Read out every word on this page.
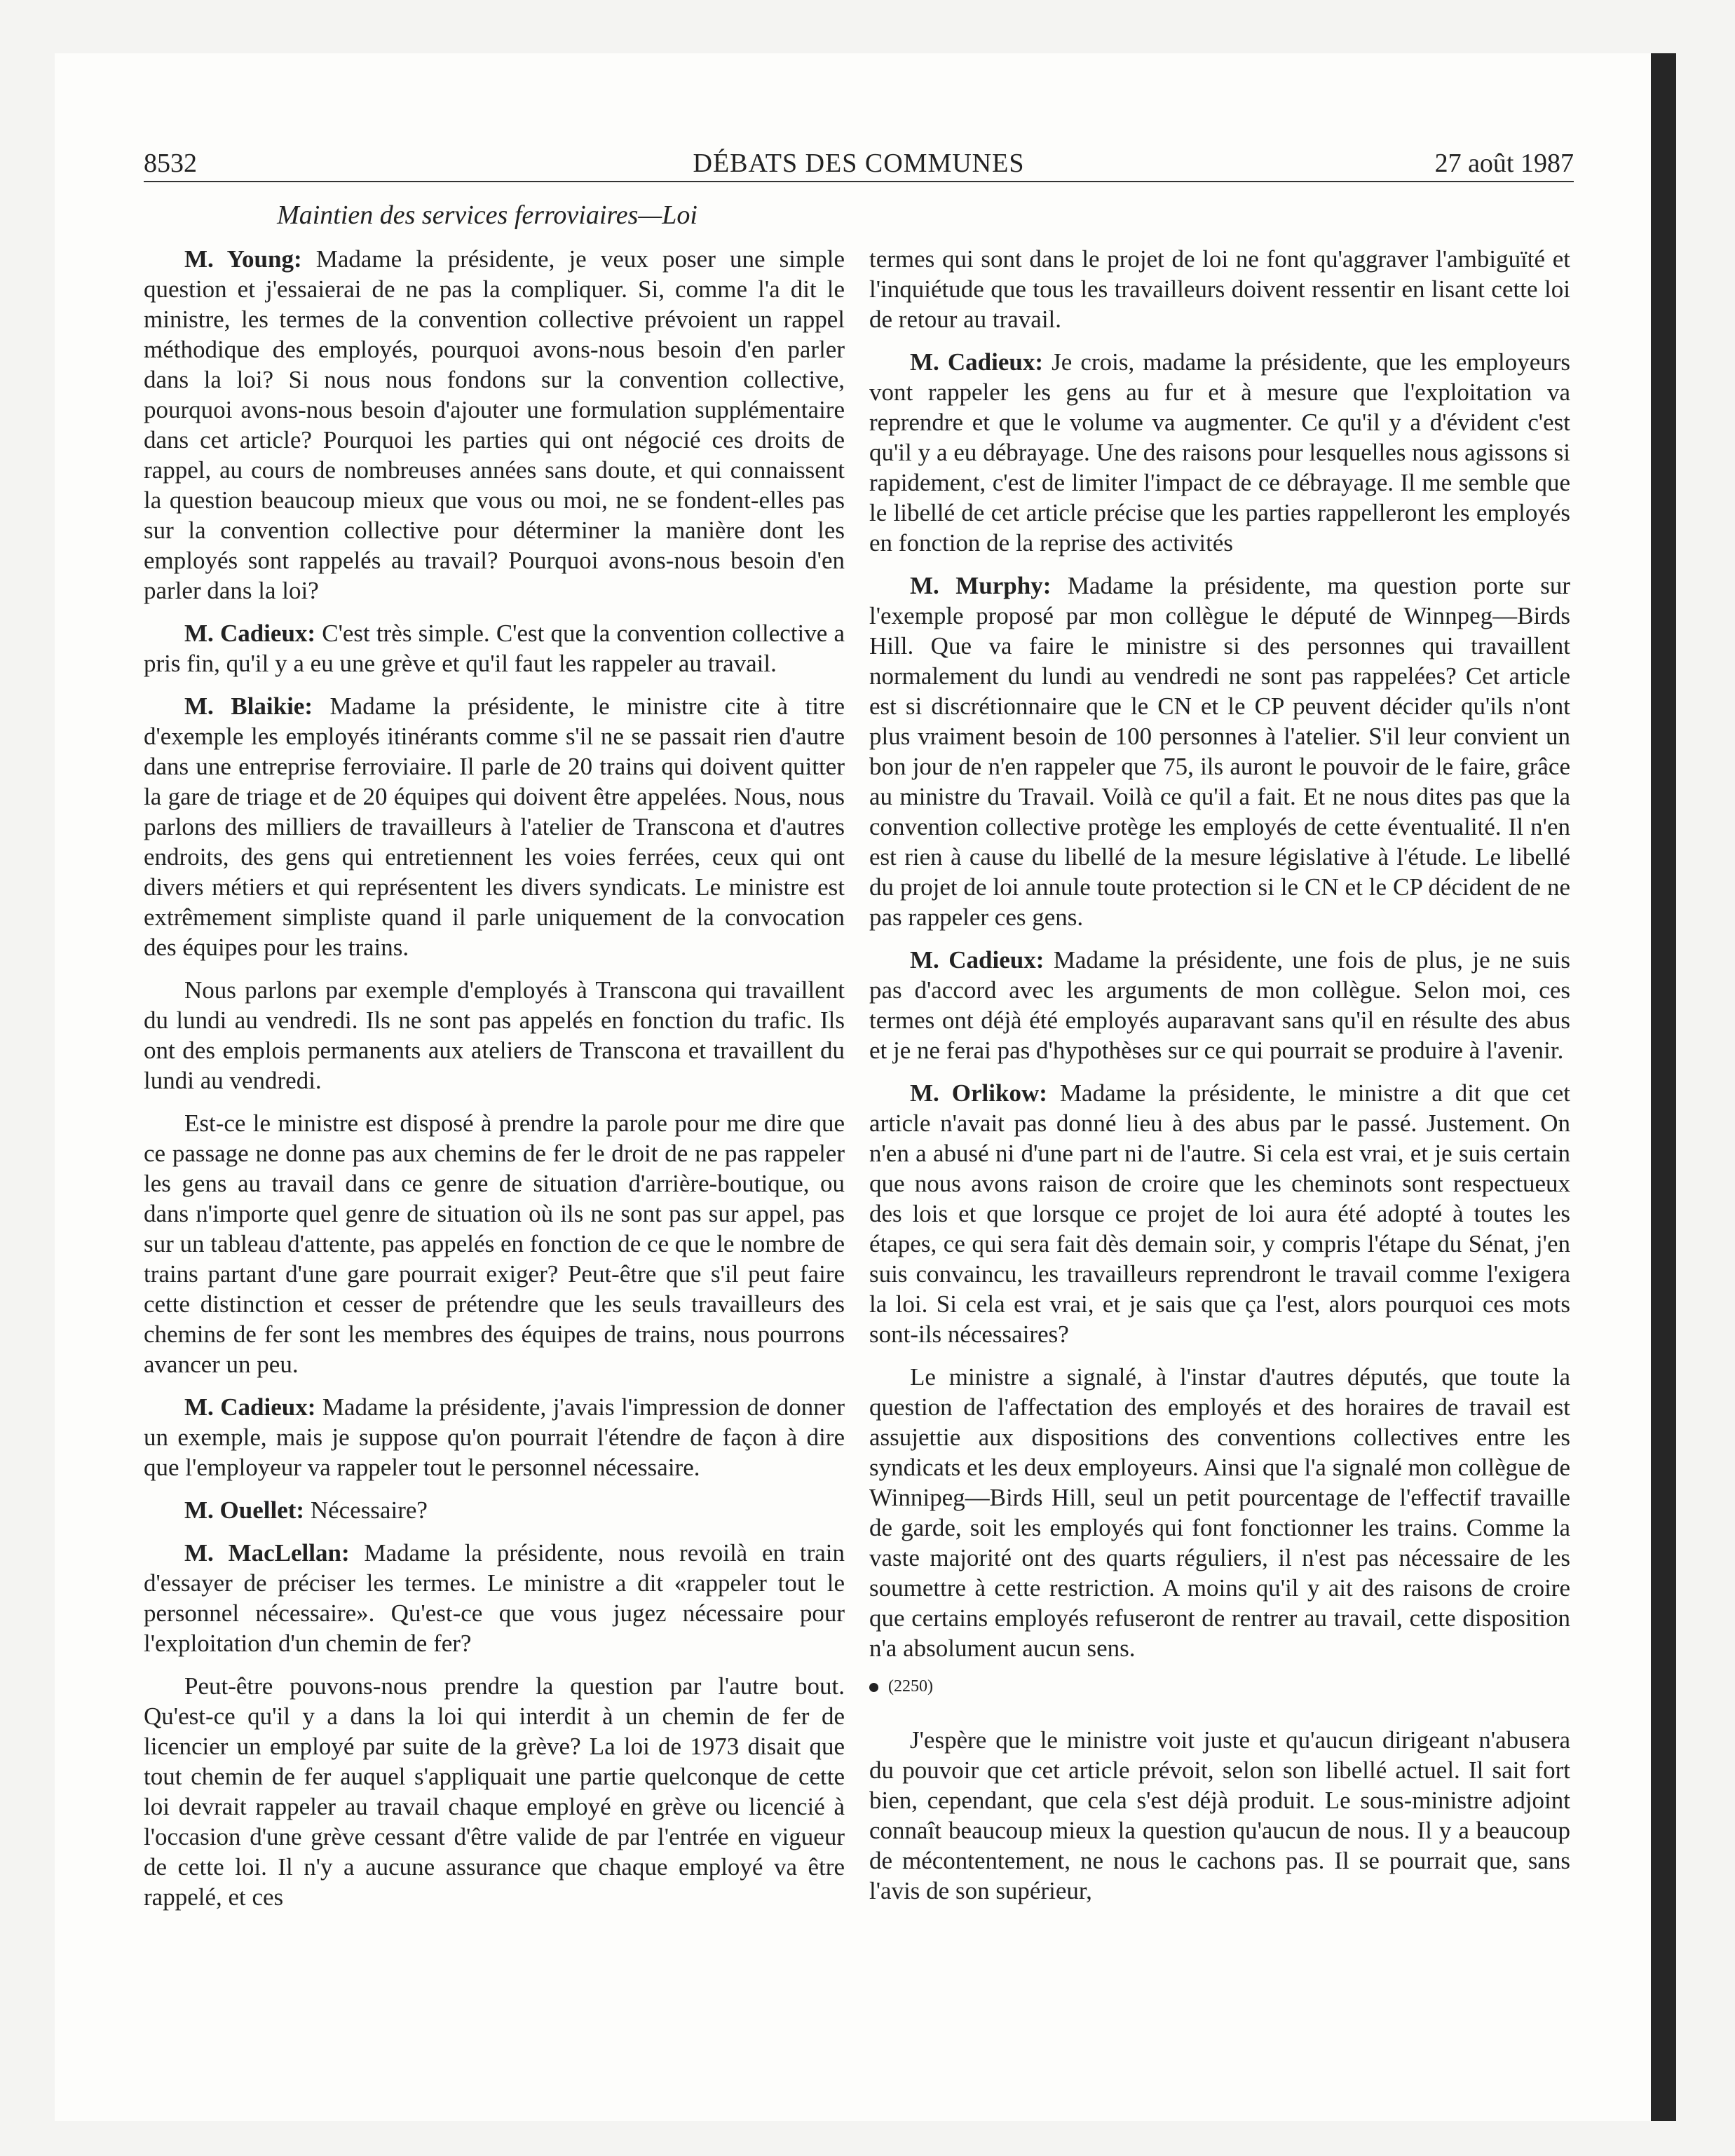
8532	DÉBATS DES COMMUNES	27 août 1987
Maintien des services ferroviaires—Loi

M. Young: Madame la présidente, je veux poser une simple question et j'essaierai de ne pas la compliquer. Si, comme l'a dit le ministre, les termes de la convention collective prévoient un rappel méthodique des employés, pourquoi avons-nous besoin d'en parler dans la loi? Si nous nous fondons sur la convention collective, pourquoi avons-nous besoin d'ajouter une formulation supplémentaire dans cet article? Pourquoi les parties qui ont négocié ces droits de rappel, au cours de nombreuses années sans doute, et qui connaissent la question beaucoup mieux que vous ou moi, ne se fondent-elles pas sur la convention collective pour déterminer la manière dont les employés sont rappelés au travail? Pourquoi avons-nous besoin d'en parler dans la loi?

M. Cadieux: C'est très simple. C'est que la convention collective a pris fin, qu'il y a eu une grève et qu'il faut les rappeler au travail.

M. Blaikie: Madame la présidente, le ministre cite à titre d'exemple les employés itinérants comme s'il ne se passait rien d'autre dans une entreprise ferroviaire. Il parle de 20 trains qui doivent quitter la gare de triage et de 20 équipes qui doivent être appelées. Nous, nous parlons des milliers de travailleurs à l'atelier de Transcona et d'autres endroits, des gens qui entretiennent les voies ferrées, ceux qui ont divers métiers et qui représentent les divers syndicats. Le ministre est extrêmement simpliste quand il parle uniquement de la convocation des équipes pour les trains.

Nous parlons par exemple d'employés à Transcona qui travaillent du lundi au vendredi. Ils ne sont pas appelés en fonction du trafic. Ils ont des emplois permanents aux ateliers de Transcona et travaillent du lundi au vendredi.

Est-ce le ministre est disposé à prendre la parole pour me dire que ce passage ne donne pas aux chemins de fer le droit de ne pas rappeler les gens au travail dans ce genre de situation d'arrière-boutique, ou dans n'importe quel genre de situation où ils ne sont pas sur appel, pas sur un tableau d'attente, pas appelés en fonction de ce que le nombre de trains partant d'une gare pourrait exiger? Peut-être que s'il peut faire cette distinction et cesser de prétendre que les seuls travailleurs des chemins de fer sont les membres des équipes de trains, nous pourrons avancer un peu.

M. Cadieux: Madame la présidente, j'avais l'impression de donner un exemple, mais je suppose qu'on pourrait l'étendre de façon à dire que l'employeur va rappeler tout le personnel nécessaire.

M. Ouellet: Nécessaire?

M. MacLellan: Madame la présidente, nous revoilà en train d'essayer de préciser les termes. Le ministre a dit «rappeler tout le personnel nécessaire». Qu'est-ce que vous jugez nécessaire pour l'exploitation d'un chemin de fer?

Peut-être pouvons-nous prendre la question par l'autre bout. Qu'est-ce qu'il y a dans la loi qui interdit à un chemin de fer de licencier un employé par suite de la grève? La loi de 1973 disait que tout chemin de fer auquel s'appliquait une partie quelconque de cette loi devrait rappeler au travail chaque employé en grève ou licencié à l'occasion d'une grève cessant d'être valide de par l'entrée en vigueur de cette loi. Il n'y a aucune assurance que chaque employé va être rappelé, et ces

termes qui sont dans le projet de loi ne font qu'aggraver l'ambiguïté et l'inquiétude que tous les travailleurs doivent ressentir en lisant cette loi de retour au travail.

M. Cadieux: Je crois, madame la présidente, que les employeurs vont rappeler les gens au fur et à mesure que l'exploitation va reprendre et que le volume va augmenter. Ce qu'il y a d'évident c'est qu'il y a eu débrayage. Une des raisons pour lesquelles nous agissons si rapidement, c'est de limiter l'impact de ce débrayage. Il me semble que le libellé de cet article précise que les parties rappelleront les employés en fonction de la reprise des activités

M. Murphy: Madame la présidente, ma question porte sur l'exemple proposé par mon collègue le député de Winnpeg—Birds Hill. Que va faire le ministre si des personnes qui travaillent normalement du lundi au vendredi ne sont pas rappelées? Cet article est si discrétionnaire que le CN et le CP peuvent décider qu'ils n'ont plus vraiment besoin de 100 personnes à l'atelier. S'il leur convient un bon jour de n'en rappeler que 75, ils auront le pouvoir de le faire, grâce au ministre du Travail. Voilà ce qu'il a fait. Et ne nous dites pas que la convention collective protège les employés de cette éventualité. Il n'en est rien à cause du libellé de la mesure législative à l'étude. Le libellé du projet de loi annule toute protection si le CN et le CP décident de ne pas rappeler ces gens.

M. Cadieux: Madame la présidente, une fois de plus, je ne suis pas d'accord avec les arguments de mon collègue. Selon moi, ces termes ont déjà été employés auparavant sans qu'il en résulte des abus et je ne ferai pas d'hypothèses sur ce qui pourrait se produire à l'avenir.

M. Orlikow: Madame la présidente, le ministre a dit que cet article n'avait pas donné lieu à des abus par le passé. Justement. On n'en a abusé ni d'une part ni de l'autre. Si cela est vrai, et je suis certain que nous avons raison de croire que les cheminots sont respectueux des lois et que lorsque ce projet de loi aura été adopté à toutes les étapes, ce qui sera fait dès demain soir, y compris l'étape du Sénat, j'en suis convaincu, les travailleurs reprendront le travail comme l'exigera la loi. Si cela est vrai, et je sais que ça l'est, alors pourquoi ces mots sont-ils nécessaires?

Le ministre a signalé, à l'instar d'autres députés, que toute la question de l'affectation des employés et des horaires de travail est assujettie aux dispositions des conventions collectives entre les syndicats et les deux employeurs. Ainsi que l'a signalé mon collègue de Winnipeg—Birds Hill, seul un petit pourcentage de l'effectif travaille de garde, soit les employés qui font fonctionner les trains. Comme la vaste majorité ont des quarts réguliers, il n'est pas nécessaire de les soumettre à cette restriction. A moins qu'il y ait des raisons de croire que certains employés refuseront de rentrer au travail, cette disposition n'a absolument aucun sens.

(2250)

J'espère que le ministre voit juste et qu'aucun dirigeant n'abusera du pouvoir que cet article prévoit, selon son libellé actuel. Il sait fort bien, cependant, que cela s'est déjà produit. Le sous-ministre adjoint connaît beaucoup mieux la question qu'aucun de nous. Il y a beaucoup de mécontentement, ne nous le cachons pas. Il se pourrait que, sans l'avis de son supérieur,
